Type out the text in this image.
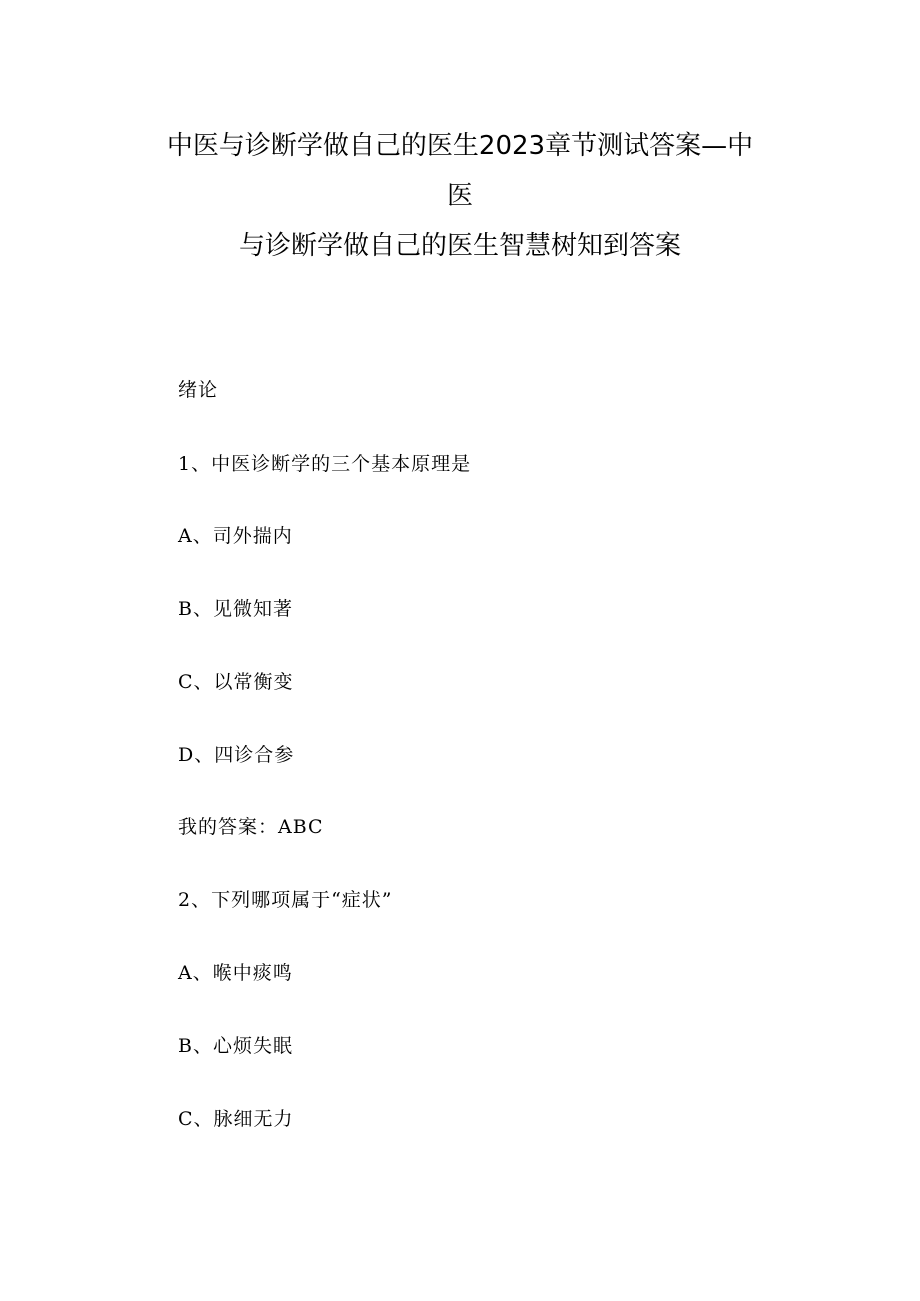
中医与诊断学做自己的医生2023章节测试答案—中
医
与诊断学做自己的医生智慧树知到答案
绪论
1、中医诊断学的三个基本原理是
A、司外揣内
B、见微知著
C、以常衡变
D、四诊合参
我的答案：ABC
2、下列哪项属于“症状”
A、喉中痰鸣
B、心烦失眠
C、脉细无力
